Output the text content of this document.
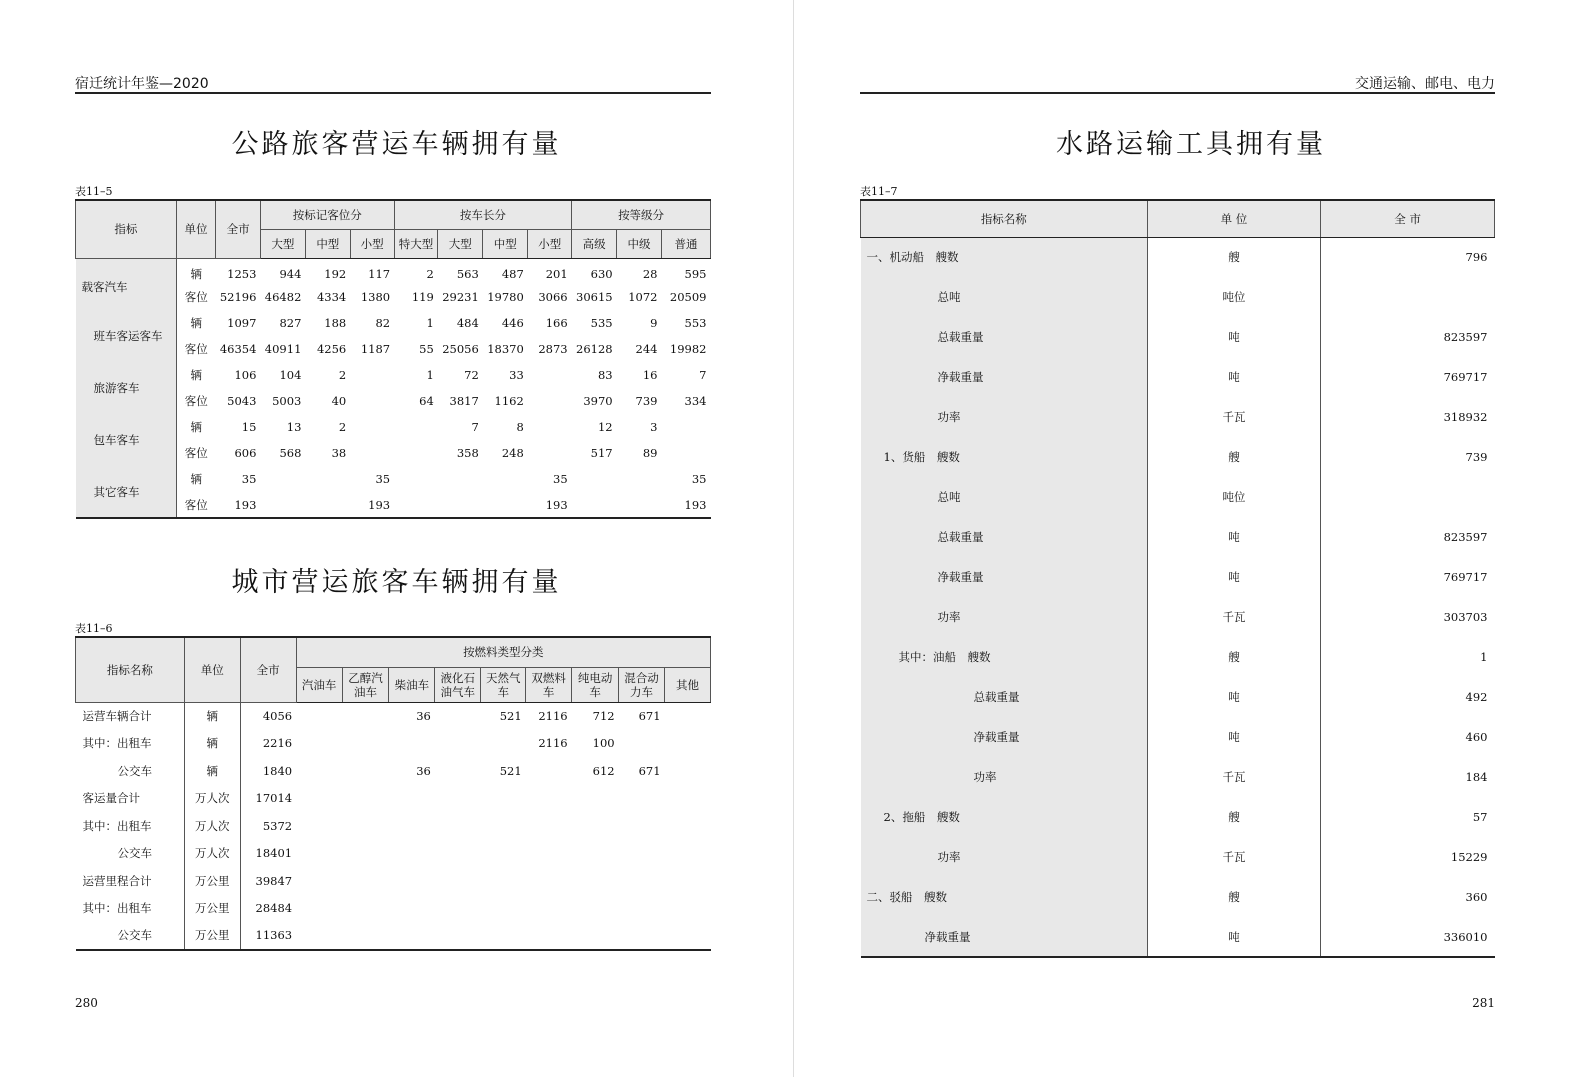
宿迁统计年鉴—2020
公路旅客营运车辆拥有量
表11–5
指标	单位	全市	按标记客位分			按车长分				按等级分		
			大型	中型	小型	特大型	大型	中型	小型	高级	中级	普通
载客汽车	辆	1253	944	192	117	2	563	487	201	630	28	595
	客位	52196	46482	4334	1380	119	29231	19780	3066	30615	1072	20509
班车客运客车	辆	1097	827	188	82	1	484	446	166	535	9	553
	客位	46354	40911	4256	1187	55	25056	18370	2873	26128	244	19982
旅游客车	辆	106	104	2		1	72	33		83	16	7
	客位	5043	5003	40		64	3817	1162		3970	739	334
包车客车	辆	15	13	2			7	8		12	3	
	客位	606	568	38			358	248		517	89	
其它客车	辆	35			35				35			35
	客位	193			193				193			193
城市营运旅客车辆拥有量
表11–6
指标名称	单位	全市	按燃料类型分类								
			汽油车	乙醇汽油车	柴油车	液化石油气车	天然气车	双燃料车	纯电动车	混合动力车	其他
运营车辆合计	辆	4056			36		521	2116	712	671	
其中：出租车	辆	2216						2116	100		
公交车	辆	1840			36		521		612	671	
客运量合计	万人次	17014									
其中：出租车	万人次	5372									
公交车	万人次	18401									
运营里程合计	万公里	39847									
其中：出租车	万公里	28484									
公交车	万公里	11363									
280
交通运输、邮电、电力
水路运输工具拥有量
表11–7
指标名称	单 位	全 市
一、机动船　艘数	艘	796
总吨	吨位	
总载重量	吨	823597
净载重量	吨	769717
功率	千瓦	318932
1、货船　艘数	艘	739
总吨	吨位	
总载重量	吨	823597
净载重量	吨	769717
功率	千瓦	303703
其中：油船　艘数	艘	1
总载重量	吨	492
净载重量	吨	460
功率	千瓦	184
2、拖船　艘数	艘	57
功率	千瓦	15229
二、驳船　艘数	艘	360
净载重量	吨	336010
281
